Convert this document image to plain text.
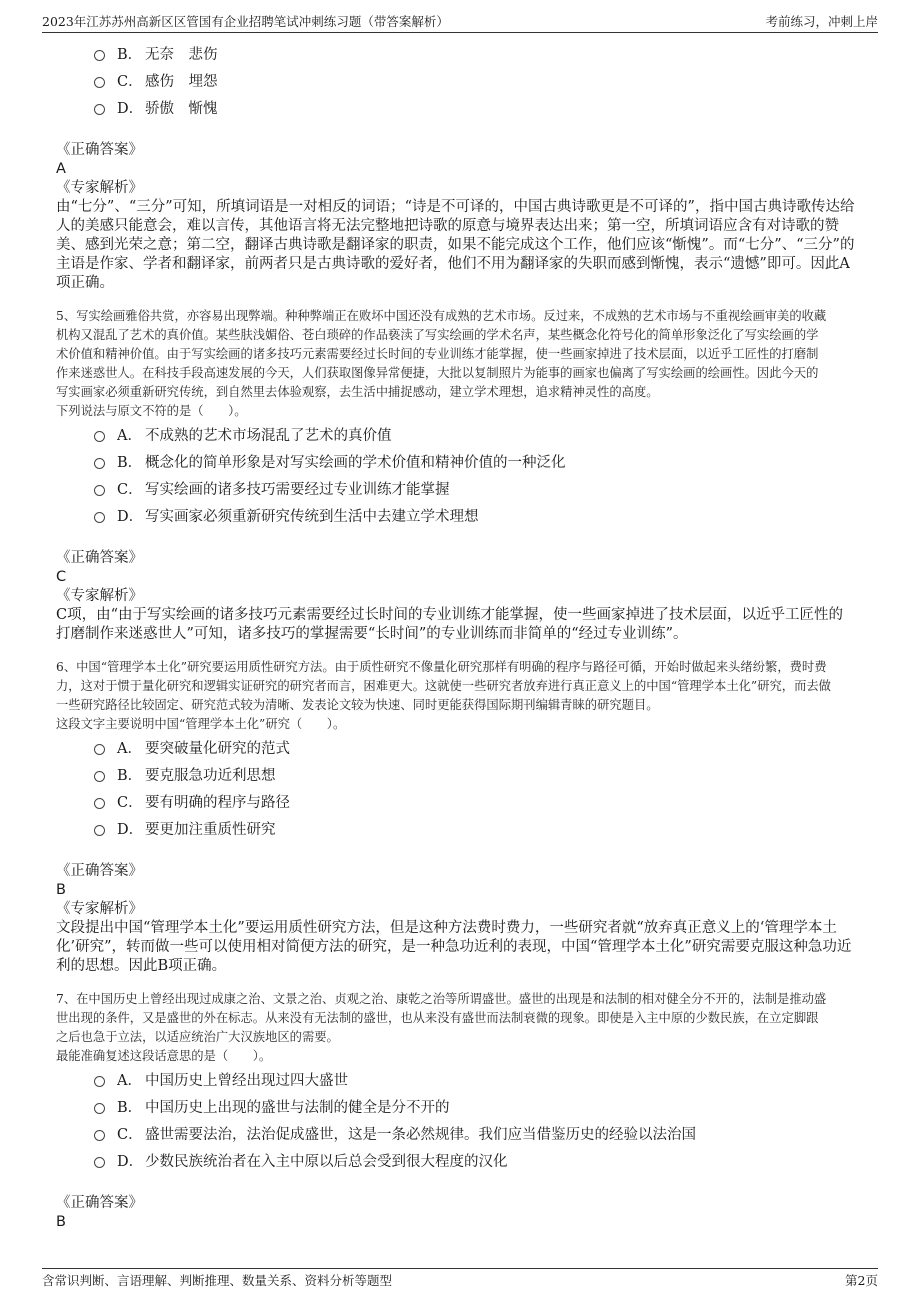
2023年江苏苏州高新区区管国有企业招聘笔试冲刺练习题（带答案解析）	考前练习，冲刺上岸
B． 无奈　悲伤
C． 感伤　埋怨
D． 骄傲　惭愧

《正确答案》

A

《专家解析》

由“七分”、“三分”可知，所填词语是一对相反的词语；“诗是不可译的，中国古典诗歌更是不可译的”，指中国古典诗歌传达给

人的美感只能意会，难以言传，其他语言将无法完整地把诗歌的原意与境界表达出来；第一空，所填词语应含有对诗歌的赞

美、感到光荣之意；第二空，翻译古典诗歌是翻译家的职责，如果不能完成这个工作，他们应该“惭愧”。而“七分”、“三分”的

主语是作家、学者和翻译家，前两者只是古典诗歌的爱好者，他们不用为翻译家的失职而感到惭愧，表示“遗憾”即可。因此A

项正确。

5、写实绘画雅俗共赏，亦容易出现弊端。种种弊端正在败坏中国还没有成熟的艺术市场。反过来，不成熟的艺术市场与不重视绘画审美的收藏

机构又混乱了艺术的真价值。某些肤浅媚俗、苍白琐碎的作品亵渎了写实绘画的学术名声，某些概念化符号化的简单形象泛化了写实绘画的学

术价值和精神价值。由于写实绘画的诸多技巧元素需要经过长时间的专业训练才能掌握，使一些画家掉进了技术层面，以近乎工匠性的打磨制

作来迷惑世人。在科技手段高速发展的今天，人们获取图像异常便捷，大批以复制照片为能事的画家也偏离了写实绘画的绘画性。因此今天的

写实画家必须重新研究传统，到自然里去体验观察，去生活中捕捉感动，建立学术理想，追求精神灵性的高度。

下列说法与原文不符的是（　　）。

A． 不成熟的艺术市场混乱了艺术的真价值
B． 概念化的简单形象是对写实绘画的学术价值和精神价值的一种泛化
C． 写实绘画的诸多技巧需要经过专业训练才能掌握
D． 写实画家必须重新研究传统到生活中去建立学术理想

《正确答案》

C

《专家解析》

C项，由“由于写实绘画的诸多技巧元素需要经过长时间的专业训练才能掌握，使一些画家掉进了技术层面，以近乎工匠性的

打磨制作来迷惑世人”可知，诸多技巧的掌握需要“长时间”的专业训练而非简单的“经过专业训练”。

6、中国“管理学本土化”研究要运用质性研究方法。由于质性研究不像量化研究那样有明确的程序与路径可循，开始时做起来头绪纷繁，费时费

力，这对于惯于量化研究和逻辑实证研究的研究者而言，困难更大。这就使一些研究者放弃进行真正意义上的中国“管理学本土化”研究，而去做

一些研究路径比较固定、研究范式较为清晰、发表论文较为快速、同时更能获得国际期刊编辑青睐的研究题目。

这段文字主要说明中国“管理学本土化”研究（　　）。

A． 要突破量化研究的范式
B． 要克服急功近利思想
C． 要有明确的程序与路径
D． 要更加注重质性研究

《正确答案》

B

《专家解析》

文段提出中国“管理学本土化”要运用质性研究方法，但是这种方法费时费力，一些研究者就“放弃真正意义上的‘管理学本土

化’研究”，转而做一些可以使用相对简便方法的研究，是一种急功近利的表现，中国“管理学本土化”研究需要克服这种急功近

利的思想。因此B项正确。

7、在中国历史上曾经出现过成康之治、文景之治、贞观之治、康乾之治等所谓盛世。盛世的出现是和法制的相对健全分不开的，法制是推动盛

世出现的条件，又是盛世的外在标志。从来没有无法制的盛世，也从来没有盛世而法制衰微的现象。即使是入主中原的少数民族，在立定脚跟

之后也急于立法，以适应统治广大汉族地区的需要。

最能准确复述这段话意思的是（　　）。

A． 中国历史上曾经出现过四大盛世
B． 中国历史上出现的盛世与法制的健全是分不开的
C． 盛世需要法治，法治促成盛世，这是一条必然规律。我们应当借鉴历史的经验以法治国
D． 少数民族统治者在入主中原以后总会受到很大程度的汉化

《正确答案》

B

含常识判断、言语理解、判断推理、数量关系、资料分析等题型	第2页
